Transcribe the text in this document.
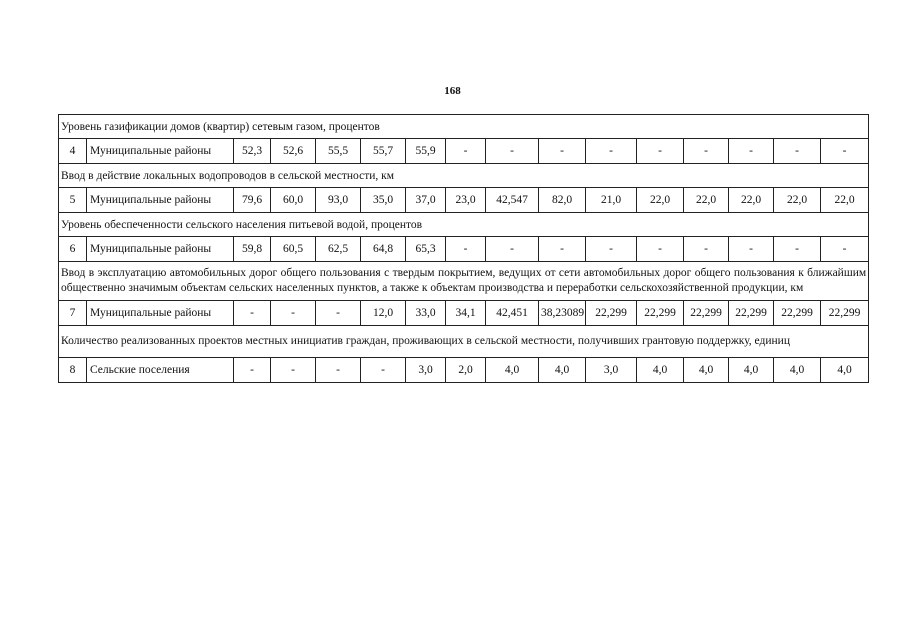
168
Уровень газификации домов (квартир) сетевым газом, процентов															
4	Муниципальные районы	52,3	52,6	55,5	55,7	55,9	-	-	-	-	-	-	-	-	-
Ввод в действие локальных водопроводов в сельской местности, км															
5	Муниципальные районы	79,6	60,0	93,0	35,0	37,0	23,0	42,547	82,0	21,0	22,0	22,0	22,0	22,0	22,0
Уровень обеспеченности сельского населения питьевой водой, процентов															
6	Муниципальные районы	59,8	60,5	62,5	64,8	65,3	-	-	-	-	-	-	-	-	-
Ввод в эксплуатацию автомобильных дорог общего пользования с твердым покрытием, ведущих от сети автомобильных дорог общего пользования к ближайшим общественно значимым объектам сельских населенных пунктов, а также к объектам производства и переработки сельскохозяйственной продукции, км															
7	Муниципальные районы	-	-	-	12,0	33,0	34,1	42,451	38,23089	22,299	22,299	22,299	22,299	22,299	22,299
Количество реализованных проектов местных инициатив граждан, проживающих в сельской местности, получивших грантовую поддержку, единиц															
8	Сельские поселения	-	-	-	-	3,0	2,0	4,0	4,0	3,0	4,0	4,0	4,0	4,0	4,0
